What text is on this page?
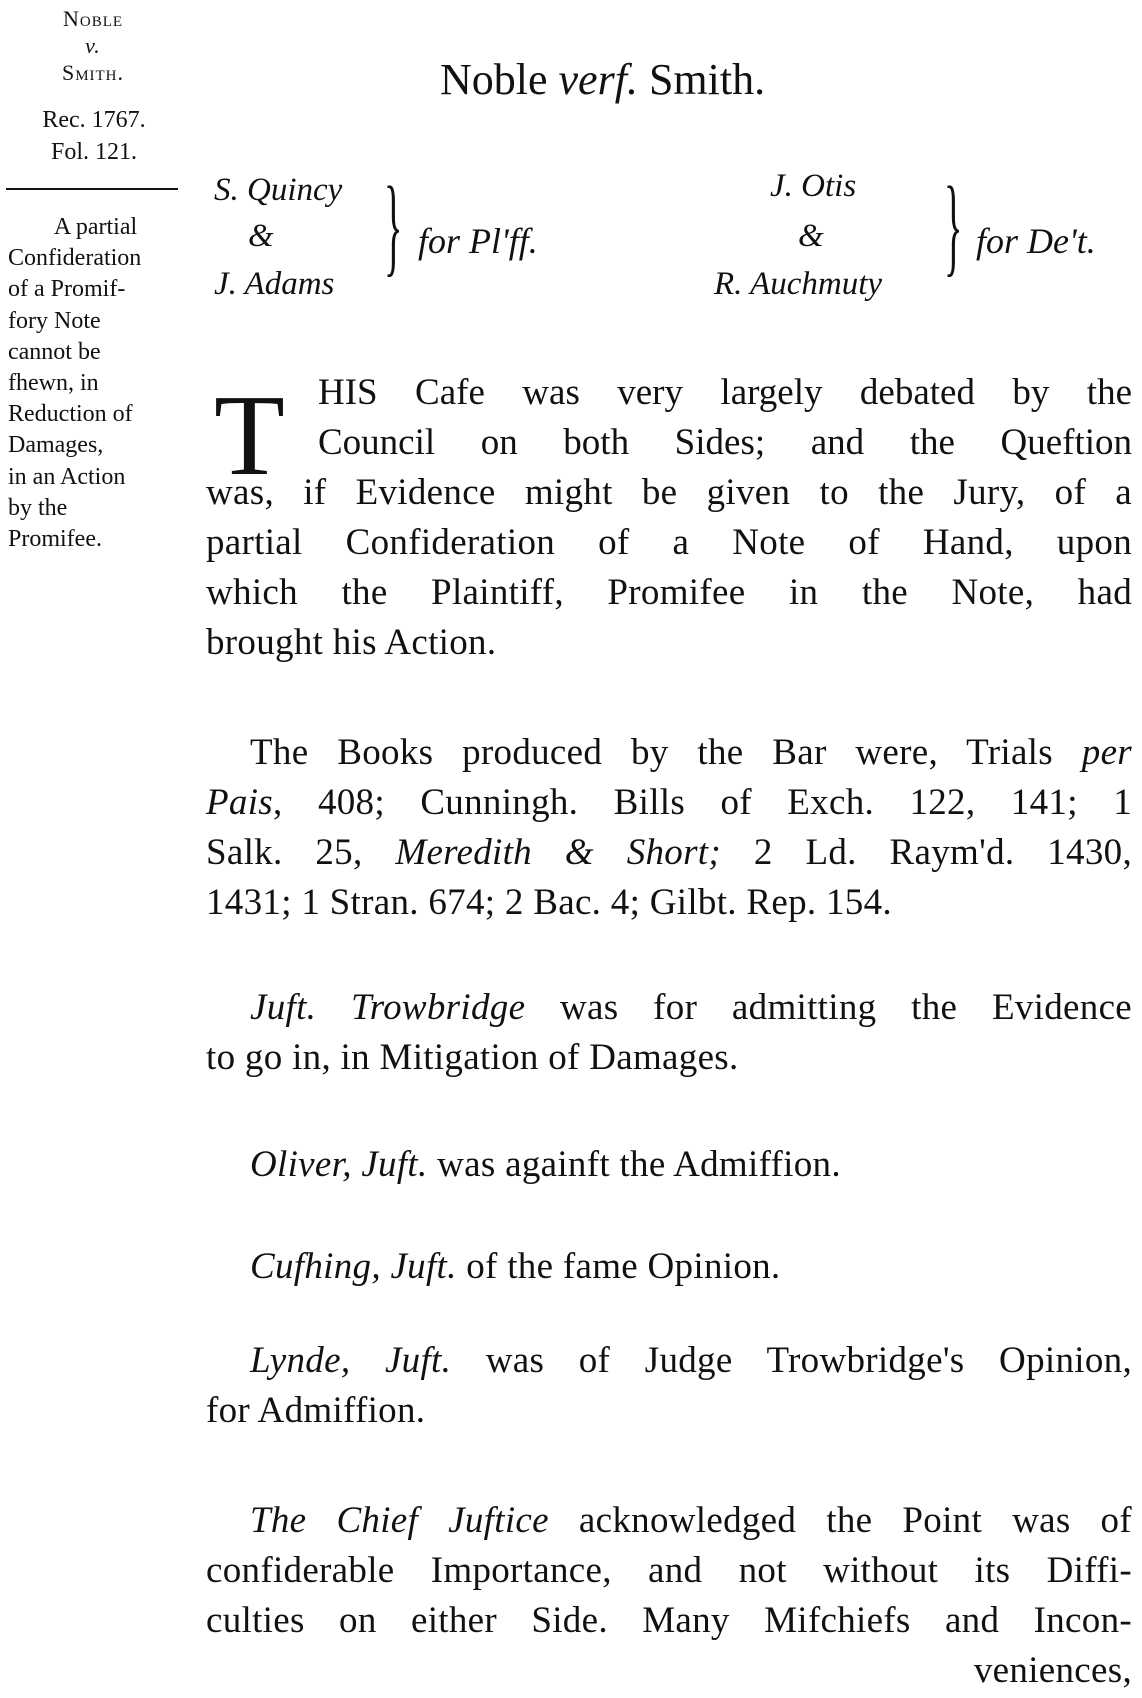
Noble
v.
Smith.
Rec. 1767.
Fol. 121.
A partial
Confideration
of a Promif-
fory Note
cannot be
fhewn, in
Reduction of
Damages,
in an Action
by the
Promifee.
Noble verf. Smith.
S. Quincy
&
J. Adams } for Pl'ff.
J. Otis
&
R. Auchmuty } for De't.
T HIS Cafe was very largely debated by the
Council on both Sides; and the Queftion
was, if Evidence might be given to the Jury, of a
partial Confideration of a Note of Hand, upon
which the Plaintiff, Promifee in the Note, had
brought his Action.
The Books produced by the Bar were, Trials per
Pais, 408; Cunningh. Bills of Exch. 122, 141; 1
Salk. 25, Meredith & Short; 2 Ld. Raym'd. 1430,
1431; 1 Stran. 674; 2 Bac. 4; Gilbt. Rep. 154.
Juft. Trowbridge was for admitting the Evidence
to go in, in Mitigation of Damages.
Oliver, Juft. was againft the Admiffion.
Cufhing, Juft. of the fame Opinion.
Lynde, Juft. was of Judge Trowbridge's Opinion,
for Admiffion.
The Chief Juftice acknowledged the Point was of
confiderable Importance, and not without its Diffi-
culties on either Side. Many Mifchiefs and Incon-
veniences,
